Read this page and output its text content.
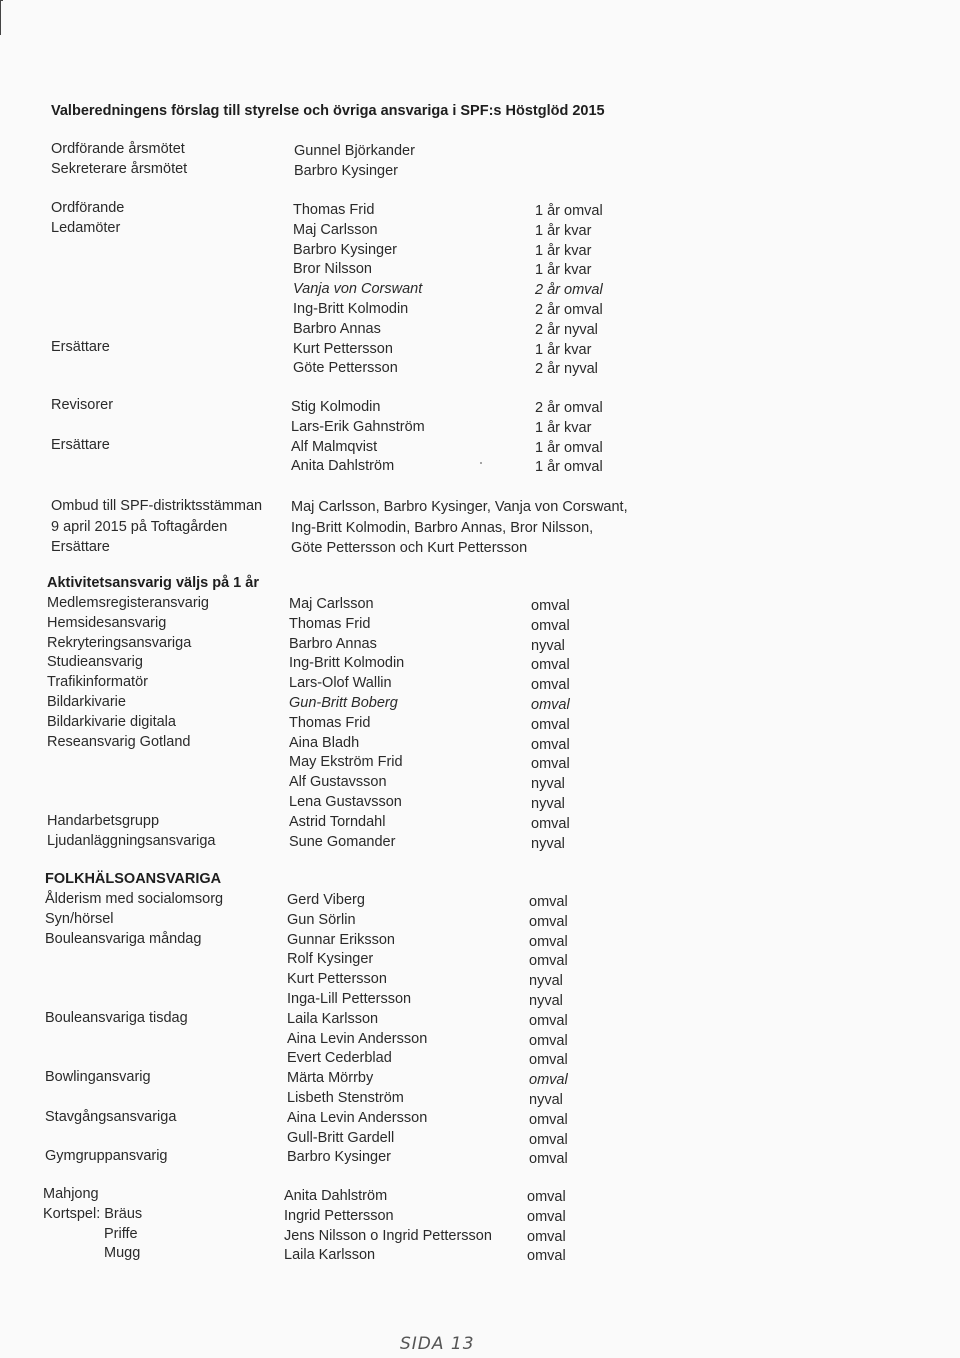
Valberedningens förslag till styrelse och övriga ansvariga i SPF:s Höstglöd 2015
Ordförande årsmötet
Sekreterare årsmötet
Gunnel Björkander
Barbro Kysinger
Ordförande
Ledamöter
Ersättare
Thomas Frid
Maj Carlsson
Barbro Kysinger
Bror Nilsson
Vanja von Corswant
Ing-Britt Kolmodin
Barbro Annas
Kurt Pettersson
Göte Pettersson
1 år omval
1 år kvar
1 år kvar
1 år kvar
2 år omval
2 år omval
2 år nyval
1 år kvar
2 år nyval
Revisorer
Ersättare
Stig Kolmodin
Lars-Erik Gahnström
Alf Malmqvist
Anita Dahlström
2 år omval
1 år kvar
1 år omval
1 år omval
Ombud till SPF-distriktsstämman
9 april 2015 på Toftagården
Ersättare
Maj Carlsson, Barbro Kysinger, Vanja von Corswant,
Ing-Britt Kolmodin, Barbro Annas, Bror Nilsson,
Göte Pettersson och Kurt Pettersson
Aktivitetsansvarig väljs på 1 år
Medlemsregisteransvarig
Hemsidesansvarig
Rekryteringsansvariga
Studieansvarig
Trafikinformatör
Bildarkivarie
Bildarkivarie digitala
Reseansvarig Gotland
Handarbetsgrupp
Ljudanläggningsansvariga
Maj Carlsson
Thomas Frid
Barbro Annas
Ing-Britt Kolmodin
Lars-Olof Wallin
Gun-Britt Boberg
Thomas Frid
Aina Bladh
May Ekström Frid
Alf Gustavsson
Lena Gustavsson
Astrid Torndahl
Sune Gomander
omval
omval
nyval
omval
omval
omval
omval
omval
omval
nyval
nyval
omval
nyval
FOLKHÄLSOANSVARIGA
Ålderism med socialomsorg
Syn/hörsel
Bouleansvariga måndag
Bouleansvariga tisdag
Bowlingansvarig
Stavgångsansvariga
Gymgruppansvarig
Gerd Viberg
Gun Sörlin
Gunnar Eriksson
Rolf Kysinger
Kurt Pettersson
Inga-Lill Pettersson
Laila Karlsson
Aina Levin Andersson
Evert Cederblad
Märta Mörrby
Lisbeth Stenström
Aina Levin Andersson
Gull-Britt Gardell
Barbro Kysinger
omval
omval
omval
omval
nyval
nyval
omval
omval
omval
omval
nyval
omval
omval
omval
Mahjong
Kortspel: Bräus
Priffe
Mugg
Anita Dahlström
Ingrid Pettersson
Jens Nilsson o Ingrid Pettersson
Laila Karlsson
omval
omval
omval
omval
SIDA 13
